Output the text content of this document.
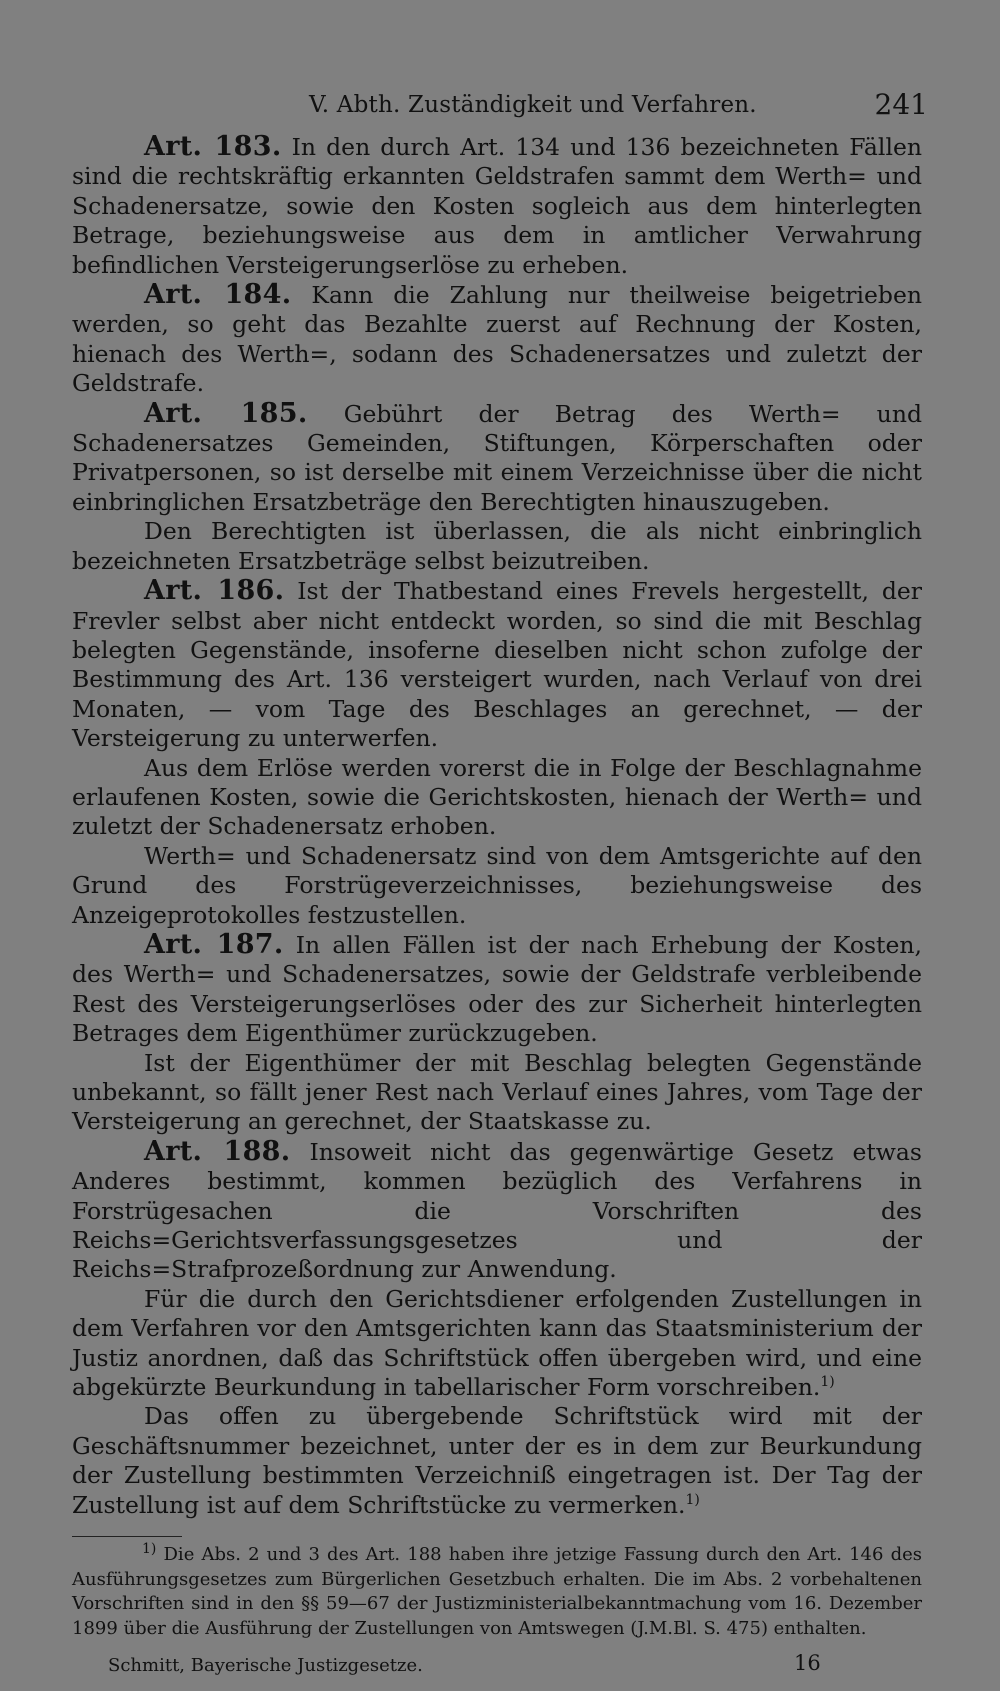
V. Abth. Zuständigkeit und Verfahren.	241

Art. 183. In den durch Art. 134 und 136 bezeichneten Fällen sind die rechtskräftig erkannten Geldstrafen sammt dem Werth= und Schadenersatze, sowie den Kosten sogleich aus dem hinterlegten Betrage, beziehungsweise aus dem in amtlicher Verwahrung befindlichen Versteigerungserlöse zu erheben.

Art. 184. Kann die Zahlung nur theilweise beigetrieben werden, so geht das Bezahlte zuerst auf Rechnung der Kosten, hienach des Werth=, sodann des Schadenersatzes und zuletzt der Geldstrafe.

Art. 185. Gebührt der Betrag des Werth= und Schadenersatzes Gemeinden, Stiftungen, Körperschaften oder Privatpersonen, so ist derselbe mit einem Verzeichnisse über die nicht einbringlichen Ersatzbeträge den Berechtigten hinauszugeben.

Den Berechtigten ist überlassen, die als nicht einbringlich bezeichneten Ersatzbeträge selbst beizutreiben.

Art. 186. Ist der Thatbestand eines Frevels hergestellt, der Frevler selbst aber nicht entdeckt worden, so sind die mit Beschlag belegten Gegenstände, insoferne dieselben nicht schon zufolge der Bestimmung des Art. 136 versteigert wurden, nach Verlauf von drei Monaten, — vom Tage des Beschlages an gerechnet, — der Versteigerung zu unterwerfen.

Aus dem Erlöse werden vorerst die in Folge der Beschlagnahme erlaufenen Kosten, sowie die Gerichtskosten, hienach der Werth= und zuletzt der Schadenersatz erhoben.

Werth= und Schadenersatz sind von dem Amtsgerichte auf den Grund des Forstrügeverzeichnisses, beziehungsweise des Anzeigeprotokolles festzustellen.

Art. 187. In allen Fällen ist der nach Erhebung der Kosten, des Werth= und Schadenersatzes, sowie der Geldstrafe verbleibende Rest des Versteigerungserlöses oder des zur Sicherheit hinterlegten Betrages dem Eigenthümer zurückzugeben.

Ist der Eigenthümer der mit Beschlag belegten Gegenstände unbekannt, so fällt jener Rest nach Verlauf eines Jahres, vom Tage der Versteigerung an gerechnet, der Staatskasse zu.

Art. 188. Insoweit nicht das gegenwärtige Gesetz etwas Anderes bestimmt, kommen bezüglich des Verfahrens in Forstrügesachen die Vorschriften des Reichs=Gerichtsverfassungsgesetzes und der Reichs=Strafprozeßordnung zur Anwendung.

Für die durch den Gerichtsdiener erfolgenden Zustellungen in dem Verfahren vor den Amtsgerichten kann das Staatsministerium der Justiz anordnen, daß das Schriftstück offen übergeben wird, und eine abgekürzte Beurkundung in tabellarischer Form vorschreiben.$^{1)}$

Das offen zu übergebende Schriftstück wird mit der Geschäftsnummer bezeichnet, unter der es in dem zur Beurkundung der Zustellung bestimmten Verzeichniß eingetragen ist. Der Tag der Zustellung ist auf dem Schriftstücke zu vermerken.$^{1)}$

$^{1)}$ Die Abs. 2 und 3 des Art. 188 haben ihre jetzige Fassung durch den Art. 146 des Ausführungsgesetzes zum Bürgerlichen Gesetzbuch erhalten. Die im Abs. 2 vorbehaltenen Vorschriften sind in den §§ 59—67 der Justizministerialbekanntmachung vom 16. Dezember 1899 über die Ausführung der Zustellungen von Amtswegen (J.M.Bl. S. 475) enthalten.

Schmitt, Bayerische Justizgesetze.	16
